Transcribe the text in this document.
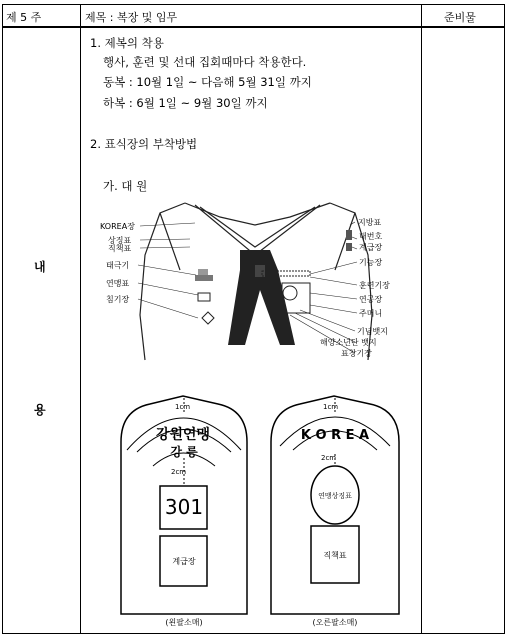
제 5 주	제목 : 복장 및 임무	준비물
내
용
1. 제복의 착용
행사, 훈련 및 선대 집회때마다 착용한다.
동복 : 10월 1일 ~ 다음해 5월 31일 까지
하복 : 6월 1일 ~ 9월 30일 까지
2. 표식장의 부착방법
가. 대 원
KOREA장
상징표
직책표
태극기
연맹표
침기장
지방표
대번호
계급장
기능장
훈련기장
연공장
주머니
기념뱃지
해양소년단 뱃지
표창기장
1cm
강원연맹
강 릉
2cm
301
계급장
(왼팔소매)
1cm
K O R E A
2cm
연맹상징표
직책표
(오른팔소매)
